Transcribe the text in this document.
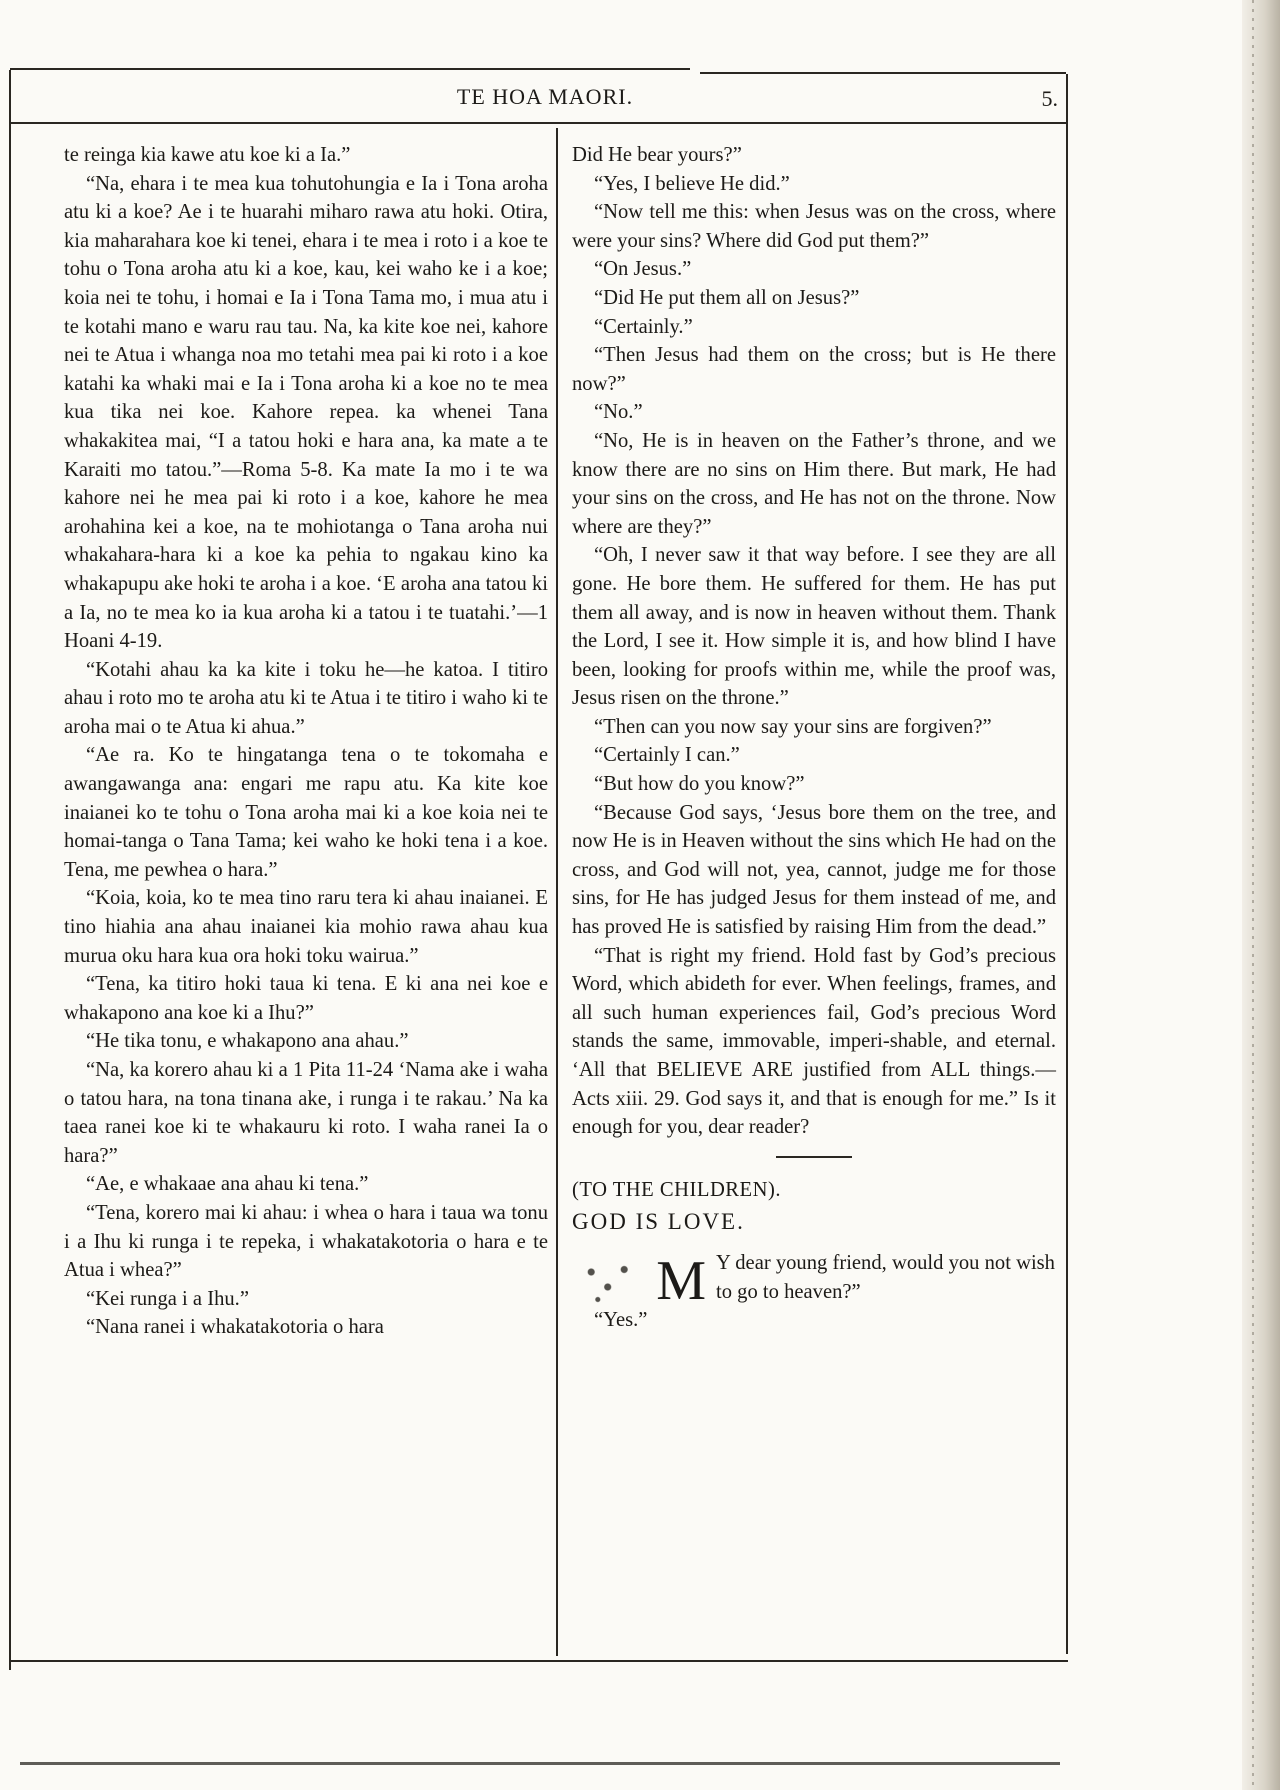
TE HOA MAORI.	5.

te reinga kia kawe atu koe ki a Ia.”

“Na, ehara i te mea kua tohutohungia e Ia i Tona aroha atu ki a koe? Ae i te huarahi miharo rawa atu hoki. Otira, kia maharahara koe ki tenei, ehara i te mea i roto i a koe te tohu o Tona aroha atu ki a koe, kau, kei waho ke i a koe; koia nei te tohu, i homai e Ia i Tona Tama mo, i mua atu i te kotahi mano e waru rau tau. Na, ka kite koe nei, kahore nei te Atua i whanga noa mo tetahi mea pai ki roto i a koe katahi ka whaki mai e Ia i Tona aroha ki a koe no te mea kua tika nei koe. Kahore repea. ka whenei Tana whakakitea mai, “I a tatou hoki e hara ana, ka mate a te Karaiti mo tatou.”—Roma 5-8. Ka mate Ia mo i te wa kahore nei he mea pai ki roto i a koe, kahore he mea arohahina kei a koe, na te mohiotanga o Tana aroha nui whakahara-hara ki a koe ka pehia to ngakau kino ka whakapupu ake hoki te aroha i a koe. ‘E aroha ana tatou ki a Ia, no te mea ko ia kua aroha ki a tatou i te tuatahi.’—1 Hoani 4-19.

“Kotahi ahau ka ka kite i toku he—he katoa. I titiro ahau i roto mo te aroha atu ki te Atua i te titiro i waho ki te aroha mai o te Atua ki ahua.”

“Ae ra. Ko te hingatanga tena o te tokomaha e awangawanga ana: engari me rapu atu. Ka kite koe inaianei ko te tohu o Tona aroha mai ki a koe koia nei te homai-tanga o Tana Tama; kei waho ke hoki tena i a koe. Tena, me pewhea o hara.”

“Koia, koia, ko te mea tino raru tera ki ahau inaianei. E tino hiahia ana ahau inaianei kia mohio rawa ahau kua murua oku hara kua ora hoki toku wairua.”

“Tena, ka titiro hoki taua ki tena. E ki ana nei koe e whakapono ana koe ki a Ihu?”

“He tika tonu, e whakapono ana ahau.”

“Na, ka korero ahau ki a 1 Pita 11-24 ‘Nama ake i waha o tatou hara, na tona tinana ake, i runga i te rakau.’ Na ka taea ranei koe ki te whakauru ki roto. I waha ranei Ia o hara?”

“Ae, e whakaae ana ahau ki tena.”

“Tena, korero mai ki ahau: i whea o hara i taua wa tonu i a Ihu ki runga i te repeka, i whakatakotoria o hara e te Atua i whea?”

“Kei runga i a Ihu.”

“Nana ranei i whakatakotoria o hara

Did He bear yours?”

“Yes, I believe He did.”

“Now tell me this: when Jesus was on the cross, where were your sins? Where did God put them?”

“On Jesus.”

“Did He put them all on Jesus?”

“Certainly.”

“Then Jesus had them on the cross; but is He there now?”

“No.”

“No, He is in heaven on the Father’s throne, and we know there are no sins on Him there. But mark, He had your sins on the cross, and He has not on the throne. Now where are they?”

“Oh, I never saw it that way before. I see they are all gone. He bore them. He suffered for them. He has put them all away, and is now in heaven without them. Thank the Lord, I see it. How simple it is, and how blind I have been, looking for proofs within me, while the proof was, Jesus risen on the throne.”

“Then can you now say your sins are forgiven?”

“Certainly I can.”

“But how do you know?”

“Because God says, ‘Jesus bore them on the tree, and now He is in Heaven without the sins which He had on the cross, and God will not, yea, cannot, judge me for those sins, for He has judged Jesus for them instead of me, and has proved He is satisfied by raising Him from the dead.”

“That is right my friend. Hold fast by God’s precious Word, which abideth for ever. When feelings, frames, and all such human experiences fail, God’s precious Word stands the same, immovable, imperi-shable, and eternal. ‘All that BELIEVE ARE justified from ALL things.—Acts xiii. 29. God says it, and that is enough for me.” Is it enough for you, dear reader?

(TO THE CHILDREN).

GOD IS LOVE.

M Y dear young friend, would you not wish to go to heaven?”

“Yes.”
